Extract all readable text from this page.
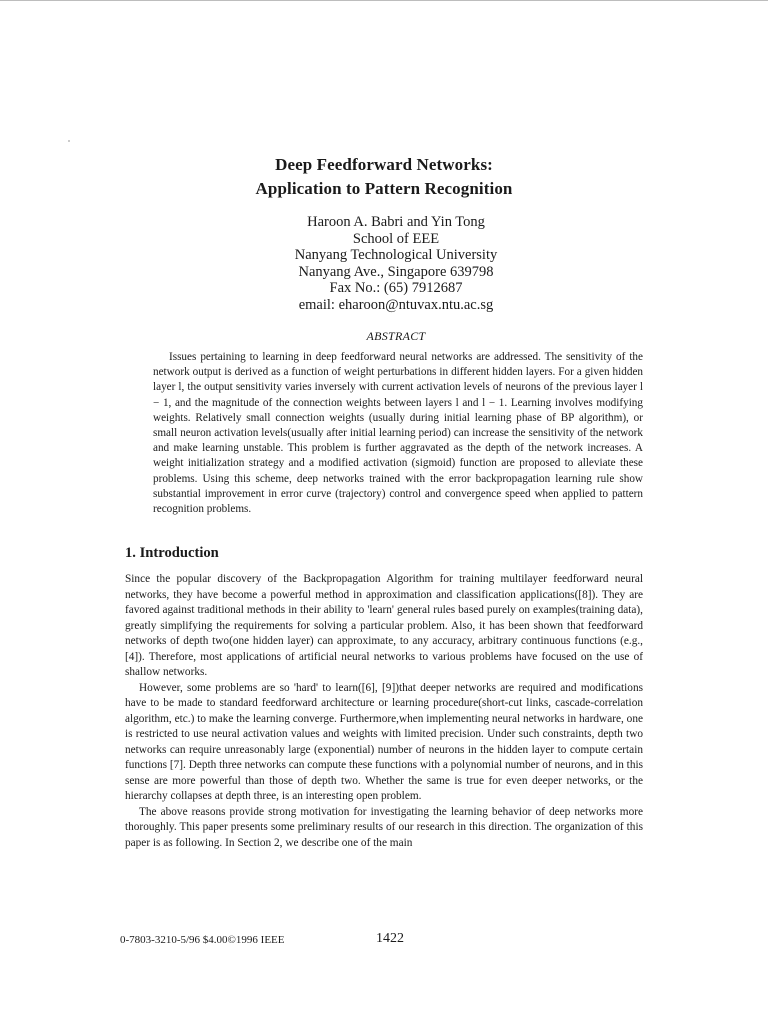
Deep Feedforward Networks:
Application to Pattern Recognition
Haroon A. Babri and Yin Tong
School of EEE
Nanyang Technological University
Nanyang Ave., Singapore 639798
Fax No.: (65) 7912687
email: eharoon@ntuvax.ntu.ac.sg
ABSTRACT

Issues pertaining to learning in deep feedforward neural networks are addressed. The sensitivity of the network output is derived as a function of weight perturbations in different hidden layers. For a given hidden layer l, the output sensitivity varies inversely with current activation levels of neurons of the previous layer l − 1, and the magnitude of the connection weights between layers l and l − 1. Learning involves modifying weights. Relatively small connection weights (usually during initial learning phase of BP algorithm), or small neuron activation levels(usually after initial learning period) can increase the sensitivity of the network and make learning unstable. This problem is further aggravated as the depth of the network increases. A weight initialization strategy and a modified activation (sigmoid) function are proposed to alleviate these problems. Using this scheme, deep networks trained with the error backpropagation learning rule show substantial improvement in error curve (trajectory) control and convergence speed when applied to pattern recognition problems.

1. Introduction

Since the popular discovery of the Backpropagation Algorithm for training multilayer feedforward neural networks, they have become a powerful method in approximation and classification applications([8]). They are favored against traditional methods in their ability to 'learn' general rules based purely on examples(training data), greatly simplifying the requirements for solving a particular problem. Also, it has been shown that feedforward networks of depth two(one hidden layer) can approximate, to any accuracy, arbitrary continuous functions (e.g., [4]). Therefore, most applications of artificial neural networks to various problems have focused on the use of shallow networks.

However, some problems are so 'hard' to learn([6], [9])that deeper networks are required and modifications have to be made to standard feedforward architecture or learning procedure(short-cut links, cascade-correlation algorithm, etc.) to make the learning converge. Furthermore,when implementing neural networks in hardware, one is restricted to use neural activation values and weights with limited precision. Under such constraints, depth two networks can require unreasonably large (exponential) number of neurons in the hidden layer to compute certain functions [7]. Depth three networks can compute these functions with a polynomial number of neurons, and in this sense are more powerful than those of depth two. Whether the same is true for even deeper networks, or the hierarchy collapses at depth three, is an interesting open problem.

The above reasons provide strong motivation for investigating the learning behavior of deep networks more thoroughly. This paper presents some preliminary results of our research in this direction. The organization of this paper is as following. In Section 2, we describe one of the main

0-7803-3210-5/96 $4.00©1996 IEEE	1422
